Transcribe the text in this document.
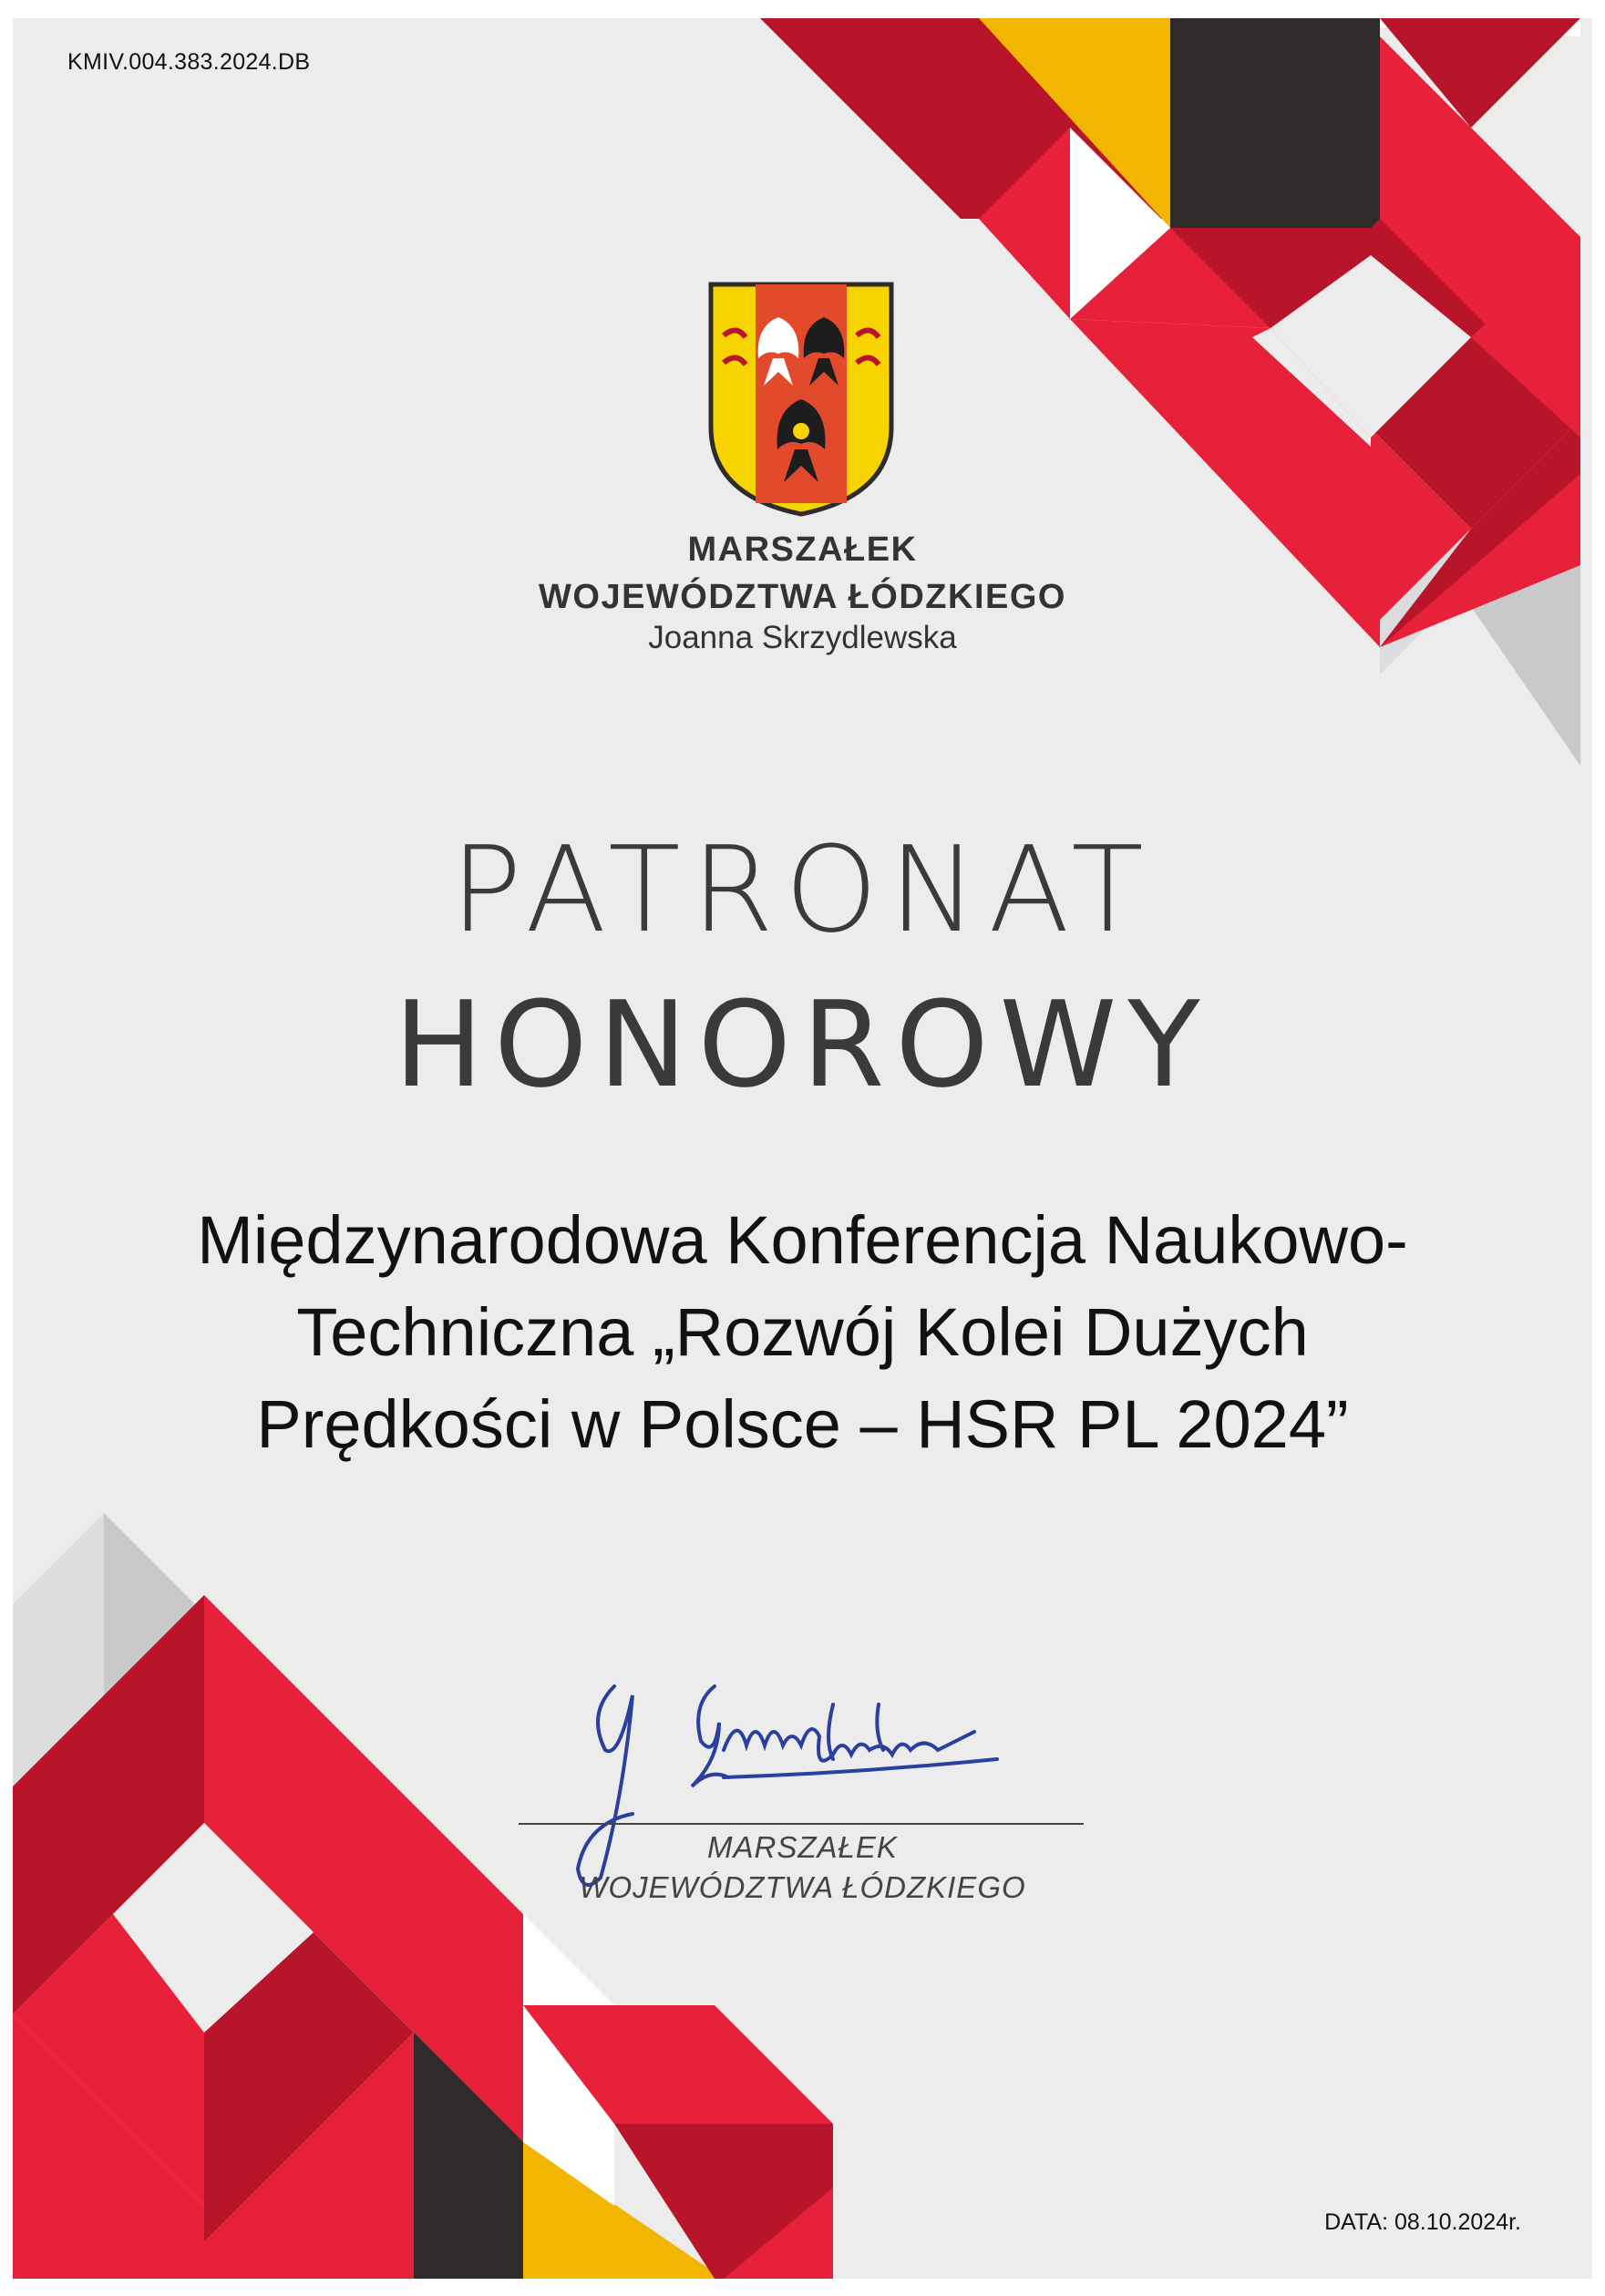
KMIV.004.383.2024.DB
MARSZAŁEK
WOJEWÓDZTWA ŁÓDZKIEGO
Joanna Skrzydlewska
PATRONAT
HONOROWY
Międzynarodowa Konferencja Naukowo-
Techniczna „Rozwój Kolei Dużych
Prędkości w Polsce – HSR PL 2024”
MARSZAŁEK
WOJEWÓDZTWA ŁÓDZKIEGO
DATA: 08.10.2024r.
